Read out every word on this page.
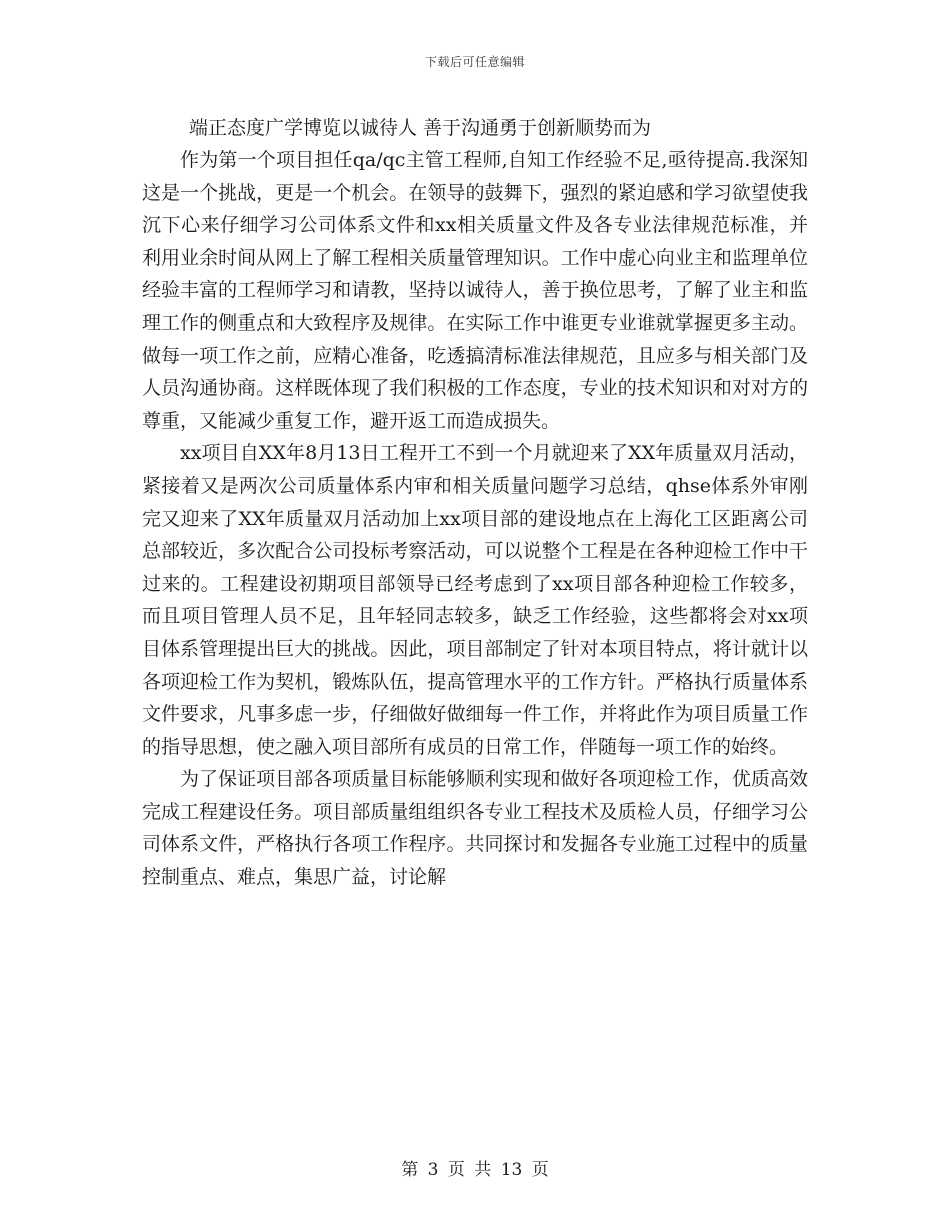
下载后可任意编辑

端正态度广学博览以诚待人 善于沟通勇于创新顺势而为

作为第一个项目担任qa/qc主管工程师,自知工作经验不足,亟待提高.我深知这是一个挑战，更是一个机会。在领导的鼓舞下，强烈的紧迫感和学习欲望使我沉下心来仔细学习公司体系文件和xx相关质量文件及各专业法律规范标准，并利用业余时间从网上了解工程相关质量管理知识。工作中虚心向业主和监理单位经验丰富的工程师学习和请教，坚持以诚待人，善于换位思考，了解了业主和监理工作的侧重点和大致程序及规律。在实际工作中谁更专业谁就掌握更多主动。做每一项工作之前，应精心准备，吃透搞清标准法律规范，且应多与相关部门及人员沟通协商。这样既体现了我们积极的工作态度，专业的技术知识和对对方的尊重，又能减少重复工作，避开返工而造成损失。

xx项目自XX年8月13日工程开工不到一个月就迎来了XX年质量双月活动，紧接着又是两次公司质量体系内审和相关质量问题学习总结，qhse体系外审刚完又迎来了XX年质量双月活动加上xx项目部的建设地点在上海化工区距离公司总部较近，多次配合公司投标考察活动，可以说整个工程是在各种迎检工作中干过来的。工程建设初期项目部领导已经考虑到了xx项目部各种迎检工作较多，而且项目管理人员不足，且年轻同志较多，缺乏工作经验，这些都将会对xx项目体系管理提出巨大的挑战。因此，项目部制定了针对本项目特点，将计就计以各项迎检工作为契机，锻炼队伍，提高管理水平的工作方针。严格执行质量体系文件要求，凡事多虑一步，仔细做好做细每一件工作，并将此作为项目质量工作的指导思想，使之融入项目部所有成员的日常工作，伴随每一项工作的始终。

为了保证项目部各项质量目标能够顺利实现和做好各项迎检工作，优质高效完成工程建设任务。项目部质量组组织各专业工程技术及质检人员，仔细学习公司体系文件，严格执行各项工作程序。共同探讨和发掘各专业施工过程中的质量控制重点、难点，集思广益，讨论解

第 3 页 共 13 页
